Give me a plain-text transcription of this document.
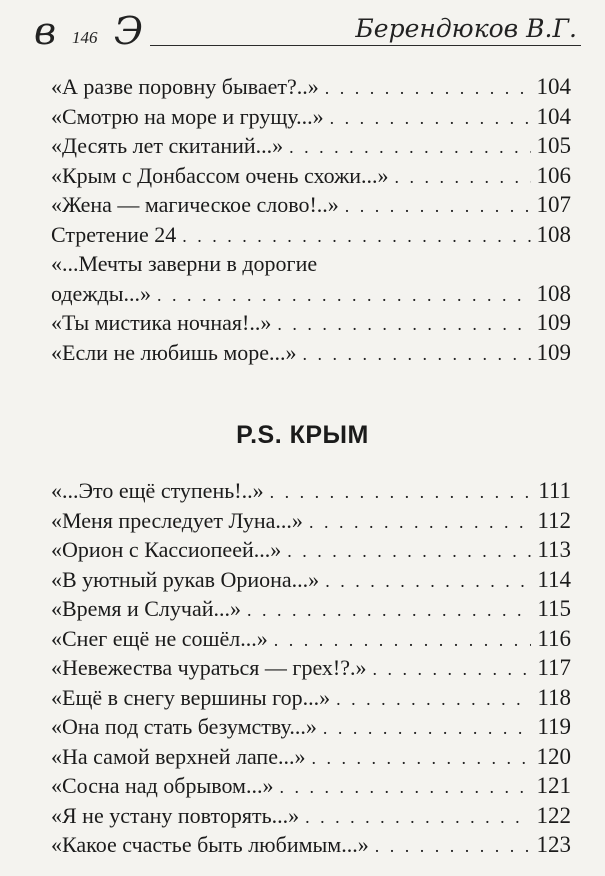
в 146 Э	Берендюков В.Г.
«А разве поровну бывает?..» . . .	104
«Смотрю на море и грущу...» . . .	104
«Десять лет скитаний...» . . .	105
«Крым с Донбассом очень схожи...» . . .	106
«Жена — магическое слово!..» . . .	107
Стретение 24 . . .	108
«...Мечты заверни в дорогие
одежды...» . . .	108
«Ты мистика ночная!..» . . .	109
«Если не любишь море...» . . .	109
P.S. КРЫМ
«...Это ещё ступень!..» . . .	111
«Меня преследует Луна...» . . .	112
«Орион с Кассиопеей...» . . .	113
«В уютный рукав Ориона...» . . .	114
«Время и Случай...» . . .	115
«Снег ещё не сошёл...» . . .	116
«Невежества чураться — грех!?.» . . .	117
«Ещё в снегу вершины гор...» . . .	118
«Она под стать безумству...» . . .	119
«На самой верхней лапе...» . . .	120
«Сосна над обрывом...» . . .	121
«Я не устану повторять...» . . .	122
«Какое счастье быть любимым...» . . .	123
